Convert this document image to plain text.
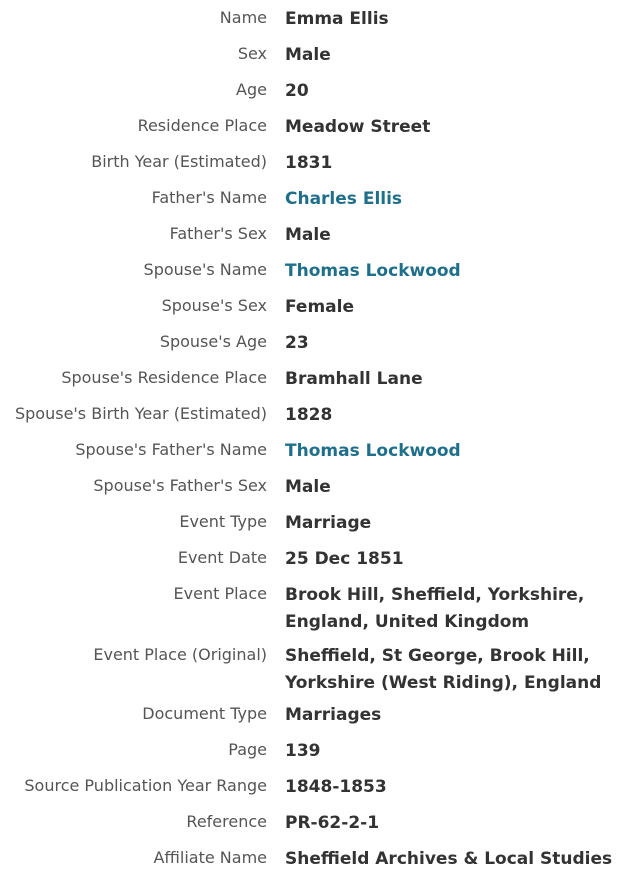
Name Emma Ellis
Sex Male
Age 20
Residence Place Meadow Street
Birth Year (Estimated) 1831
Father's Name Charles Ellis
Father's Sex Male
Spouse's Name Thomas Lockwood
Spouse's Sex Female
Spouse's Age 23
Spouse's Residence Place Bramhall Lane
Spouse's Birth Year (Estimated) 1828
Spouse's Father's Name Thomas Lockwood
Spouse's Father's Sex Male
Event Type Marriage
Event Date 25 Dec 1851
Event Place Brook Hill, Sheffield, Yorkshire,
England, United Kingdom
Event Place (Original) Sheffield, St George, Brook Hill,
Yorkshire (West Riding), England
Document Type Marriages
Page 139
Source Publication Year Range 1848-1853
Reference PR-62-2-1
Affiliate Name Sheffield Archives & Local Studies
